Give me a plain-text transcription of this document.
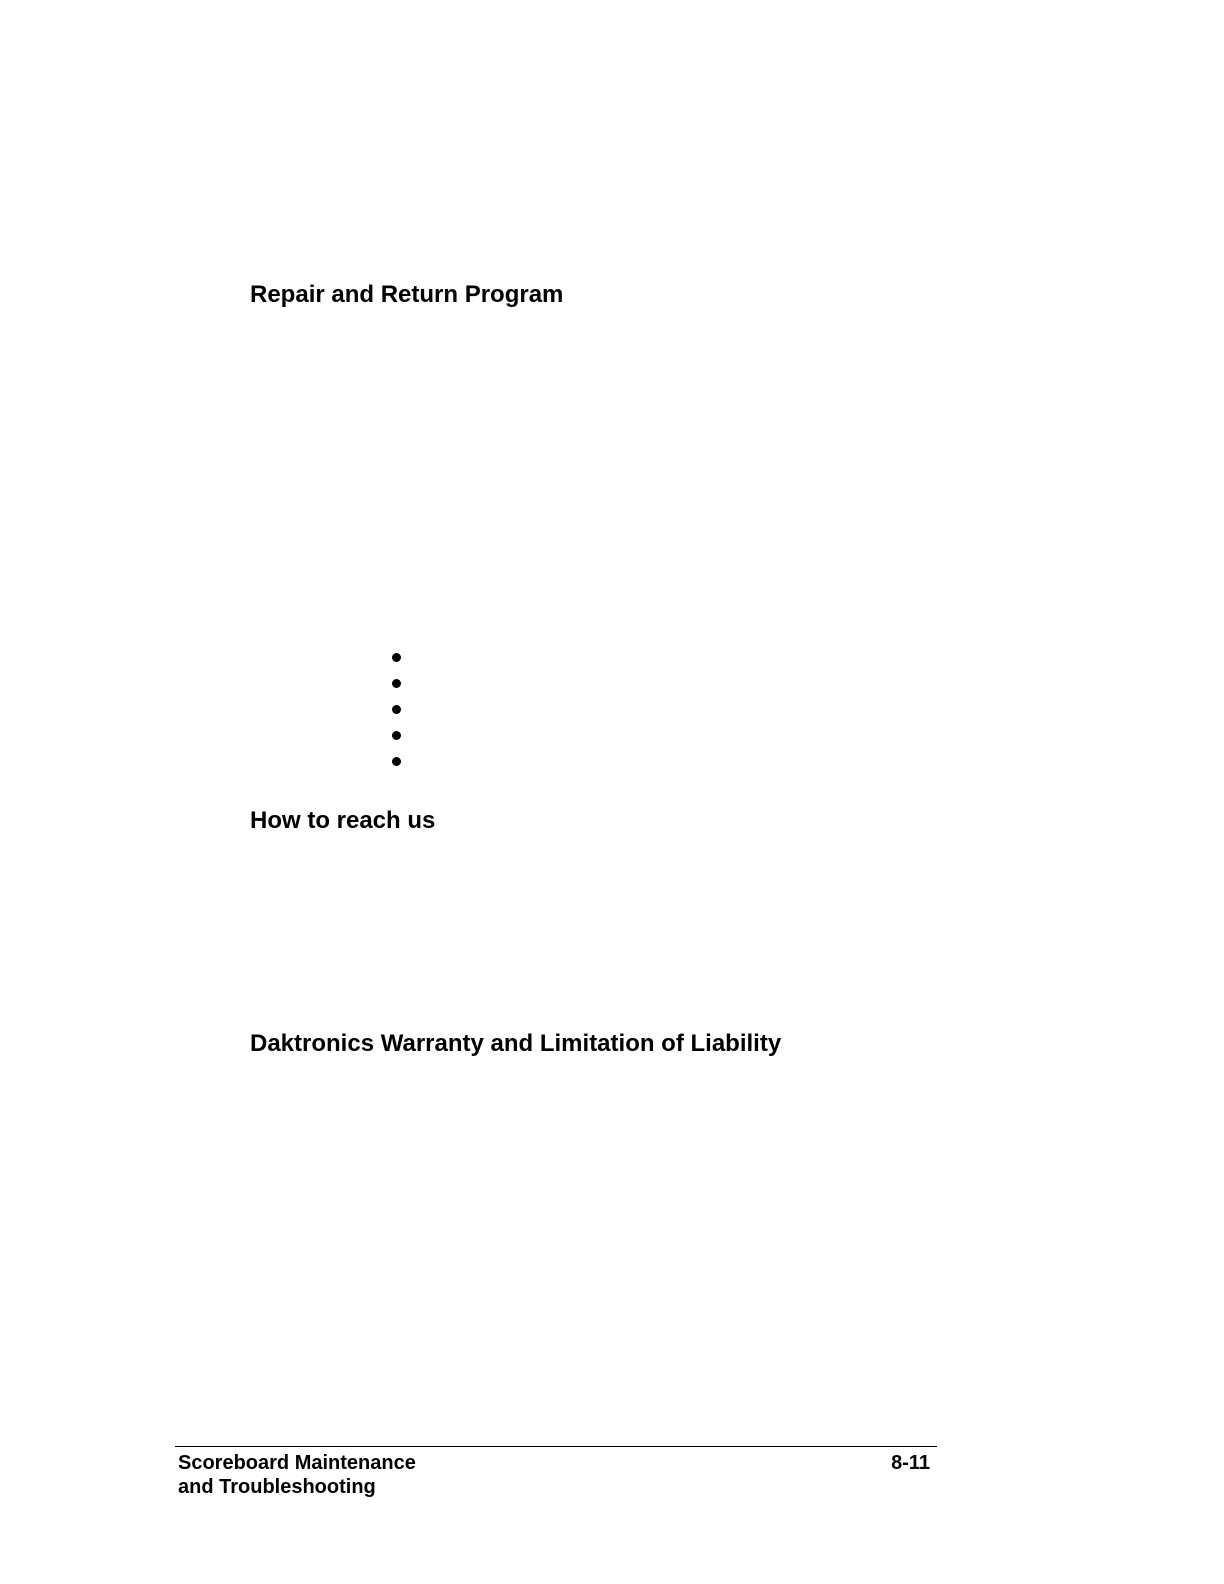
Repair and Return Program
How to reach us
Daktronics Warranty and Limitation of Liability
Scoreboard Maintenance
and Troubleshooting
8-11
